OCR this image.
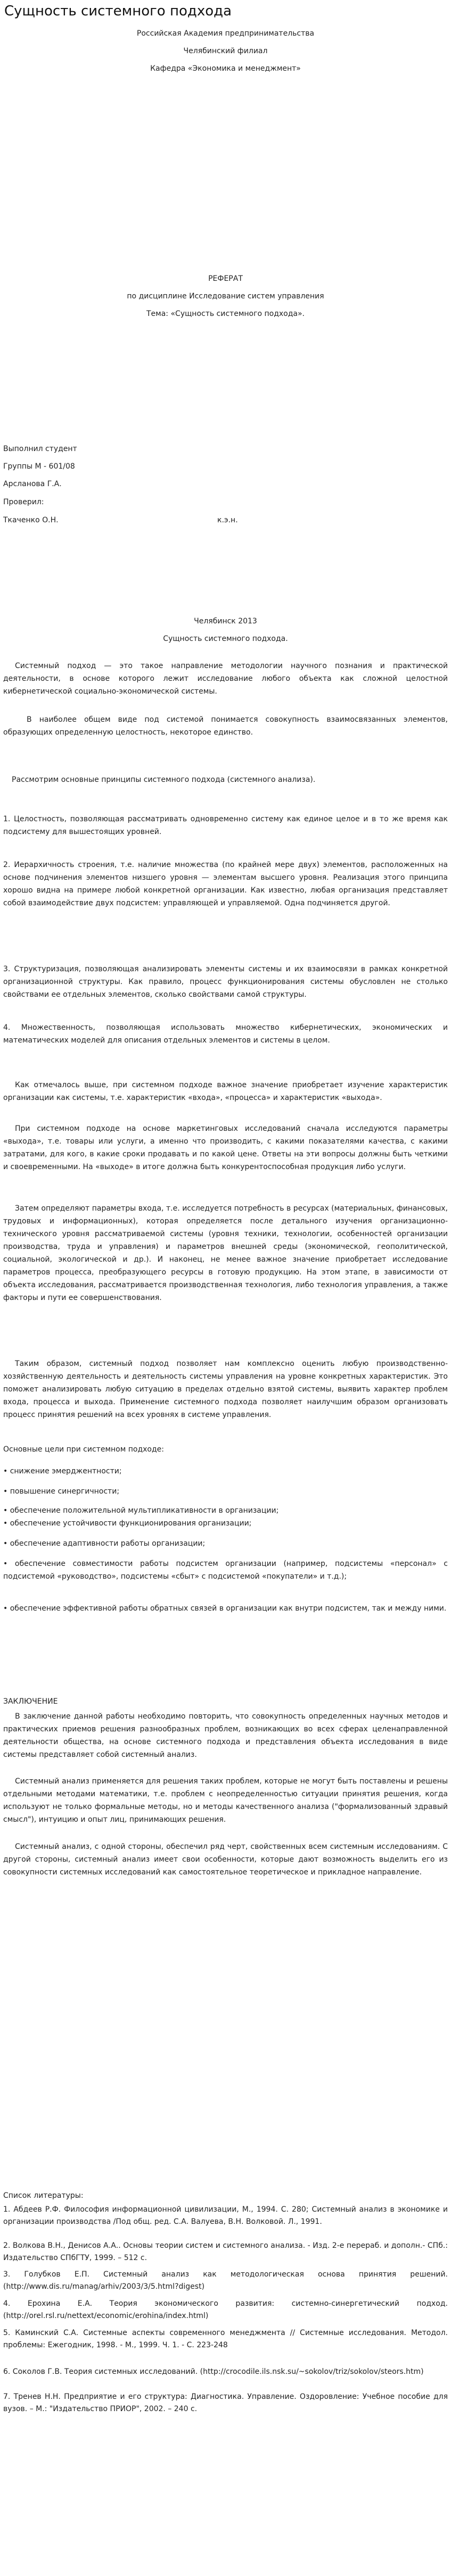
Сущность системного подхода
Российская Академия предпринимательства
Челябинский филиал
Кафедра «Экономика и менеджмент»
РЕФЕРАТ
по дисциплине Исследование систем управления
Тема: «Сущность системного подхода».
Выполнил студент
Группы М - 601/08
Арсланова Г.А.
Проверил:
Ткаченко О.Н.	к.э.н.
Челябинск 2013
Сущность системного подхода.
Системный подход — это такое направление методологии научного познания и практической деятельности, в основе которого лежит исследование любого объекта как сложной целостной кибернетической социально-экономической системы.
В наиболее общем виде под системой понимается совокупность взаимосвязанных элементов, образующих определенную целостность, некоторое единство.
Рассмотрим основные принципы системного подхода (системного анализа).
1. Целостность, позволяющая рассматривать одновременно систему как единое целое и в то же время как подсистему для вышестоящих уровней.
2. Иерархичность строения, т.е. наличие множества (по крайней мере двух) элементов, расположенных на основе подчинения элементов низшего уровня — элементам высшего уровня. Реализация этого принципа хорошо видна на примере любой конкретной организации. Как известно, любая организация представляет собой взаимодействие двух подсистем: управляющей и управляемой. Одна подчиняется другой.
3. Структуризация, позволяющая анализировать элементы системы и их взаимосвязи в рамках конкретной организационной структуры. Как правило, процесс функционирования системы обусловлен не столько свойствами ее отдельных элементов, сколько свойствами самой структуры.
4. Множественность, позволяющая использовать множество кибернетических, экономических и математических моделей для описания отдельных элементов и системы в целом.
Как отмечалось выше, при системном подходе важное значение приобретает изучение характеристик организации как системы, т.е. характеристик «входа», «процесса» и характеристик «выхода».
При системном подходе на основе маркетинговых исследований сначала исследуются параметры «выхода», т.е. товары или услуги, а именно что производить, с какими показателями качества, с какими затратами, для кого, в какие сроки продавать и по какой цене. Ответы на эти вопросы должны быть четкими и своевременными. На «выходе» в итоге должна быть конкурентоспособная продукция либо услуги.
Затем определяют параметры входа, т.е. исследуется потребность в ресурсах (материальных, финансовых, трудовых и информационных), которая определяется после детального изучения организационно-технического уровня рассматриваемой системы (уровня техники, технологии, особенностей организации производства, труда и управления) и параметров внешней среды (экономической, геополитической, социальной, экологической и др.). И наконец, не менее важное значение приобретает исследование параметров процесса, преобразующего ресурсы в готовую продукцию. На этом этапе, в зависимости от объекта исследования, рассматривается производственная технология, либо технология управления, а также факторы и пути ее совершенствования.
Таким образом, системный подход позволяет нам комплексно оценить любую производственно-хозяйственную деятельность и деятельность системы управления на уровне конкретных характеристик. Это поможет анализировать любую ситуацию в пределах отдельно взятой системы, выявить характер проблем входа, процесса и выхода. Применение системного подхода позволяет наилучшим образом организовать процесс принятия решений на всех уровнях в системе управления.
Основные цели при системном подходе:
• снижение эмерджентности;
• повышение синергичности;
• обеспечение положительной мультипликативности в организации;
• обеспечение устойчивости функционирования организации;
• обеспечение адаптивности работы организации;
• обеспечение совместимости работы подсистем организации (например, подсистемы «персонал» с подсистемой «руководство», подсистемы «сбыт» с подсистемой «покупатели» и т.д.);
• обеспечение эффективной работы обратных связей в организации как внутри подсистем, так и между ними.
ЗАКЛЮЧЕНИЕ
В заключение данной работы необходимо повторить, что совокупность определенных научных методов и практических приемов решения разнообразных проблем, возникающих во всех сферах целенаправленной деятельности общества, на основе системного подхода и представления объекта исследования в виде системы представляет собой системный анализ.
Системный анализ применяется для решения таких проблем, которые не могут быть поставлены и решены отдельными методами математики, т.е. проблем с неопределенностью ситуации принятия решения, когда используют не только формальные методы, но и методы качественного анализа ("формализованный здравый смысл"), интуицию и опыт лиц, принимающих решения.
Системный анализ, с одной стороны, обеспечил ряд черт, свойственных всем системным исследованиям. С другой стороны, системный анализ имеет свои особенности, которые дают возможность выделить его из совокупности системных исследований как самостоятельное теоретическое и прикладное направление.
Список литературы:
1. Абдеев Р.Ф. Философия информационной цивилизации, М., 1994. С. 280; Системный анализ в экономике и организации производства /Под общ. ред. С.А. Валуева, В.Н. Волковой. Л., 1991.
2. Волкова В.Н., Денисов А.А.. Основы теории систем и системного анализа. - Изд. 2-е перераб. и дополн.- СПб.: Издательство СПбГТУ, 1999. – 512 с.
3. Голубков Е.П. Системный анализ как методологическая основа принятия решений. (http://www.dis.ru/manag/arhiv/2003/3/5.html?digest)
4. Ерохина Е.А. Теория экономического развития: системно-синергетический подход. (http://orel.rsl.ru/nettext/economic/erohina/index.html)
5. Каминский С.А. Системные аспекты современного менеджмента // Системные исследования. Методол. проблемы: Ежегодник, 1998. - М., 1999. Ч. 1. - С. 223-248
6. Соколов Г.В. Теория системных исследований. (http://crocodile.ils.nsk.su/~sokolov/triz/sokolov/steors.htm)
7. Тренев Н.Н. Предприятие и его структура: Диагностика. Управление. Оздоровление: Учебное пособие для вузов. – М.: "Издательство ПРИОР", 2002. – 240 с.
